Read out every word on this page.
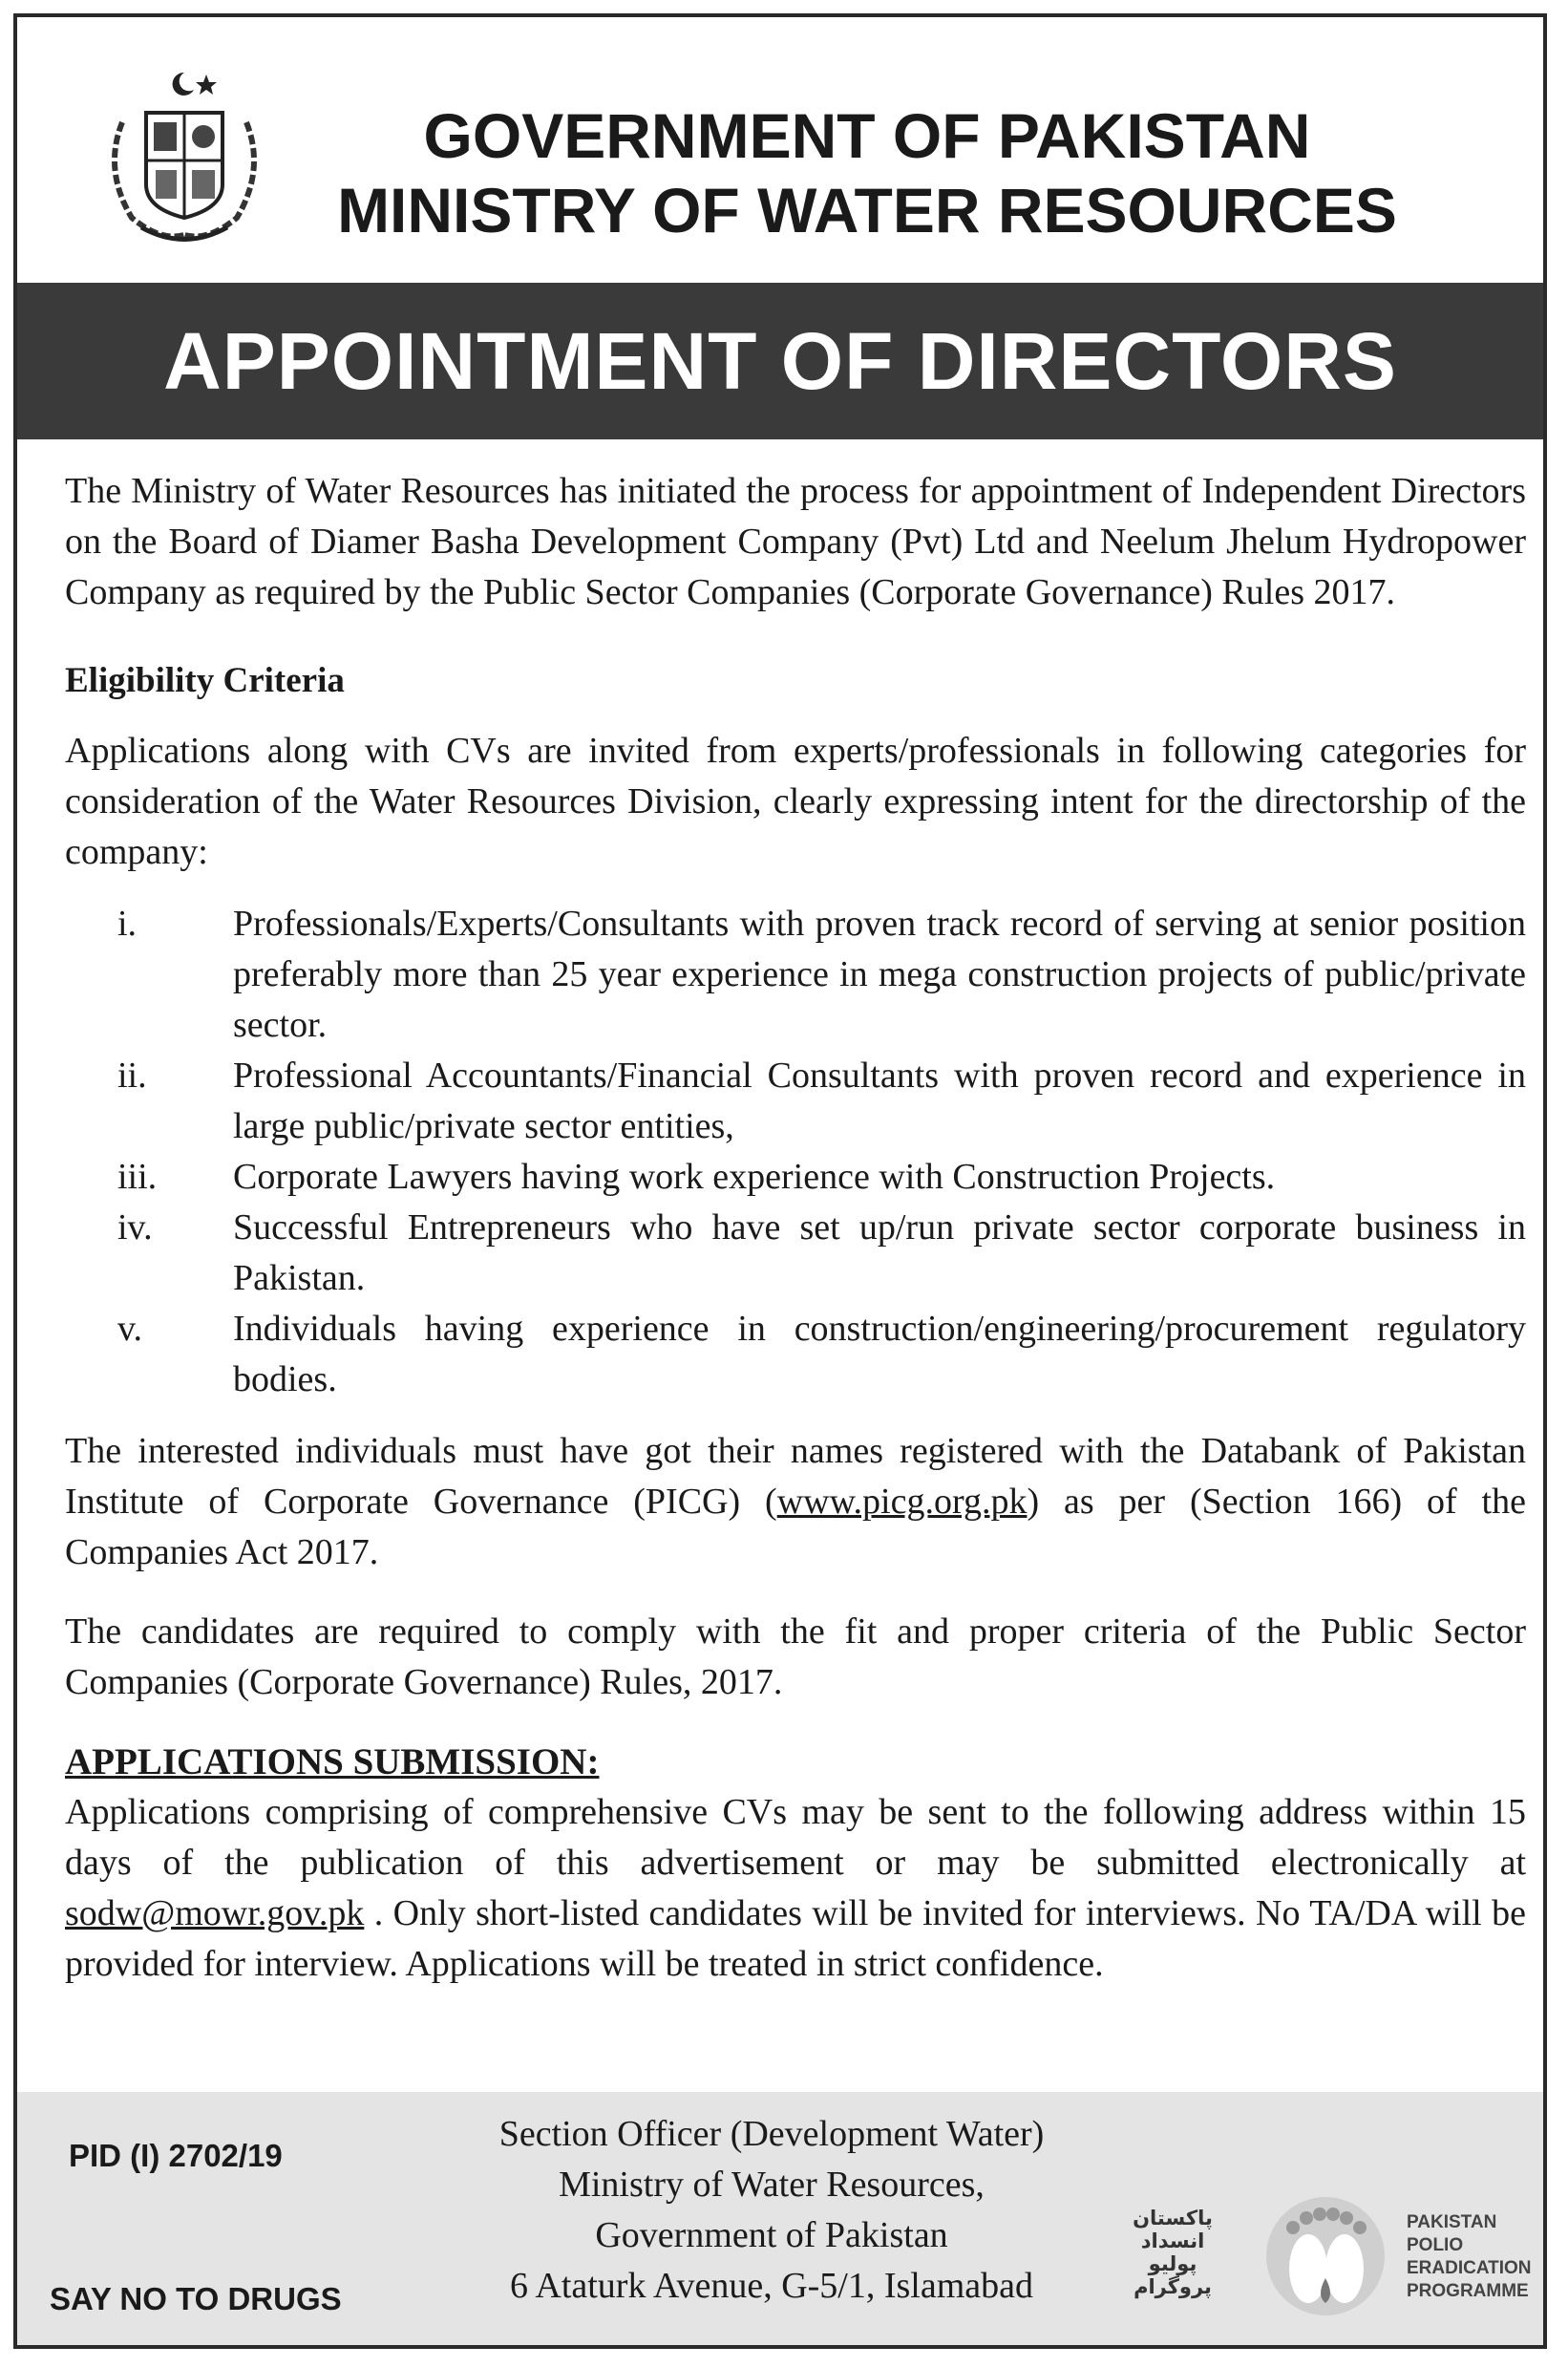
GOVERNMENT OF PAKISTAN
MINISTRY OF WATER RESOURCES
APPOINTMENT OF DIRECTORS

The Ministry of Water Resources has initiated the process for appointment of Independent Directors on the Board of Diamer Basha Development Company (Pvt) Ltd and Neelum Jhelum Hydropower Company as required by the Public Sector Companies (Corporate Governance) Rules 2017.

Eligibility Criteria

Applications along with CVs are invited from experts/professionals in following categories for consideration of the Water Resources Division, clearly expressing intent for the directorship of the company:

i.	Professionals/Experts/Consultants with proven track record of serving at senior position preferably more than 25 year experience in mega construction projects of public/private sector.
ii.	Professional Accountants/Financial Consultants with proven record and experience in large public/private sector entities,
iii.	Corporate Lawyers having work experience with Construction Projects.
iv.	Successful Entrepreneurs who have set up/run private sector corporate business in Pakistan.
v.	Individuals having experience in construction/engineering/procurement regulatory bodies.

The interested individuals must have got their names registered with the Databank of Pakistan Institute of Corporate Governance (PICG) (www.picg.org.pk) as per (Section 166) of the Companies Act 2017.

The candidates are required to comply with the fit and proper criteria of the Public Sector Companies (Corporate Governance) Rules, 2017.

APPLICATIONS SUBMISSION:

Applications comprising of comprehensive CVs may be sent to the following address within 15 days of the publication of this advertisement or may be submitted electronically at sodw@mowr.gov.pk . Only short-listed candidates will be invited for interviews. No TA/DA will be provided for interview. Applications will be treated in strict confidence.

PID (I) 2702/19
SAY NO TO DRUGS
Section Officer (Development Water)
Ministry of Water Resources,
Government of Pakistan
6 Ataturk Avenue, G-5/1, Islamabad
پاکستان
انسداد
پولیو
پروگرام
PAKISTAN
POLIO
ERADICATION
PROGRAMME
